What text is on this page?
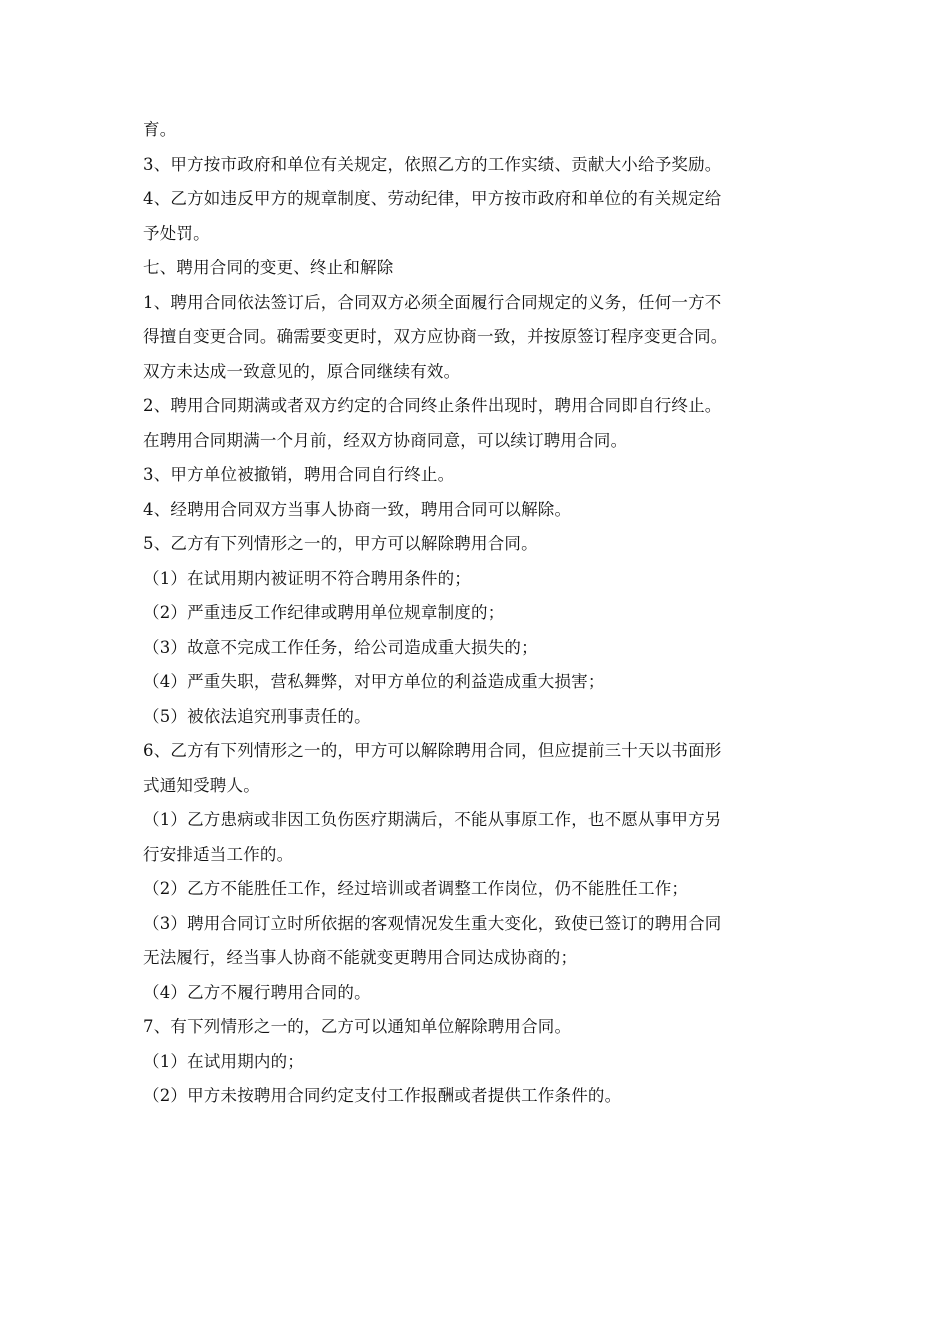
育。
3、甲方按市政府和单位有关规定，依照乙方的工作实绩、贡献大小给予奖励。
4、乙方如违反甲方的规章制度、劳动纪律，甲方按市政府和单位的有关规定给
予处罚。
七、聘用合同的变更、终止和解除
1、聘用合同依法签订后，合同双方必须全面履行合同规定的义务，任何一方不
得擅自变更合同。确需要变更时，双方应协商一致，并按原签订程序变更合同。
双方未达成一致意见的，原合同继续有效。
2、聘用合同期满或者双方约定的合同终止条件出现时，聘用合同即自行终止。
在聘用合同期满一个月前，经双方协商同意，可以续订聘用合同。
3、甲方单位被撤销，聘用合同自行终止。
4、经聘用合同双方当事人协商一致，聘用合同可以解除。
5、乙方有下列情形之一的，甲方可以解除聘用合同。
（1）在试用期内被证明不符合聘用条件的；
（2）严重违反工作纪律或聘用单位规章制度的；
（3）故意不完成工作任务，给公司造成重大损失的；
（4）严重失职，营私舞弊，对甲方单位的利益造成重大损害；
（5）被依法追究刑事责任的。
6、乙方有下列情形之一的，甲方可以解除聘用合同，但应提前三十天以书面形
式通知受聘人。
（1）乙方患病或非因工负伤医疗期满后，不能从事原工作，也不愿从事甲方另
行安排适当工作的。
（2）乙方不能胜任工作，经过培训或者调整工作岗位，仍不能胜任工作；
（3）聘用合同订立时所依据的客观情况发生重大变化，致使已签订的聘用合同
无法履行，经当事人协商不能就变更聘用合同达成协商的；
（4）乙方不履行聘用合同的。
7、有下列情形之一的，乙方可以通知单位解除聘用合同。
（1）在试用期内的；
（2）甲方未按聘用合同约定支付工作报酬或者提供工作条件的。
